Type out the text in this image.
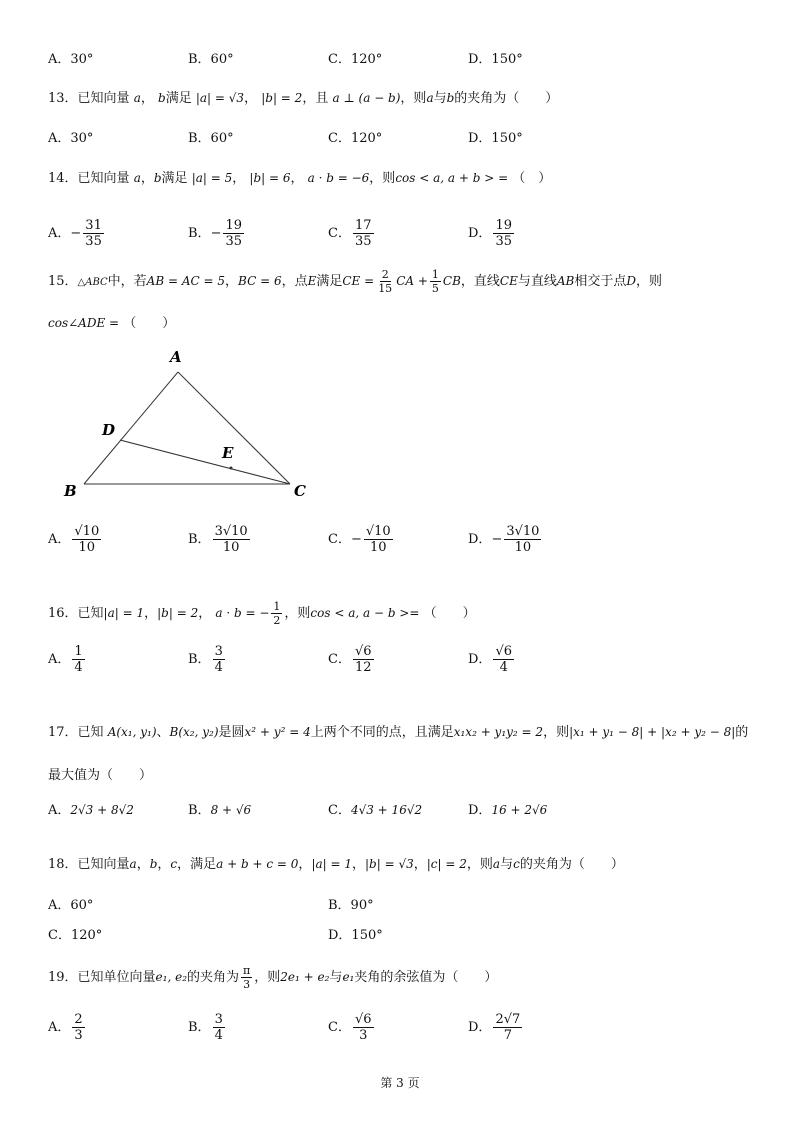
A．30°	B．60°	C．120°	D．150°
13．已知向量 a， b满足 |a| = √3， |b| = 2，且 a ⊥ (a − b)，则a与b的夹角为（　　）
A．30°	B．60°	C．120°	D．150°
14．已知向量 a，b满足 |a| = 5， |b| = 6， a · b = −6，则cos < a, a + b > = （　）
A．− $\frac{31}{35}$	B．− $\frac{19}{35}$	C． $\frac{17}{35}$	D． $\frac{19}{35}$
15．△ABC中，若AB = AC = 5，BC = 6，点E满足CE = $\frac{2}{15}$ CA + $\frac{1}{5}$ CB，直线CE与直线AB相交于点D，则
cos∠ADE = （　　）
A
B	C
D
E
A． $\frac{√10}{10}$	B． $\frac{3√10}{10}$	C．− $\frac{√10}{10}$	D．− $\frac{3√10}{10}$
16．已知|a| = 1，|b| = 2， a · b = − $\frac{1}{2}$ ，则cos < a, a − b >= （　　）
A． $\frac{1}{4}$	B． $\frac{3}{4}$	C． $\frac{√6}{12}$	D． $\frac{√6}{4}$
17．已知 A(x₁, y₁)、B(x₂, y₂)是圆x² + y² = 4上两个不同的点，且满足x₁x₂ + y₁y₂ = 2，则|x₁ + y₁ − 8| + |x₂ + y₂ − 8|的
最大值为（　　）
A．2√3 + 8√2	B．8 + √6	C．4√3 + 16√2	D．16 + 2√6
18．已知向量a，b，c，满足a + b + c = 0，|a| = 1，|b| = √3，|c| = 2，则a与c的夹角为（　　）
A．60°	B．90°
C．120°	D．150°
19．已知单位向量e₁, e₂的夹角为 $\frac{\pi}{3}$ ，则2e₁ + e₂与e₁夹角的余弦值为（　　）
A． $\frac{2}{3}$	B． $\frac{3}{4}$	C． $\frac{√6}{3}$	D． $\frac{2√7}{7}$
第 3 页
